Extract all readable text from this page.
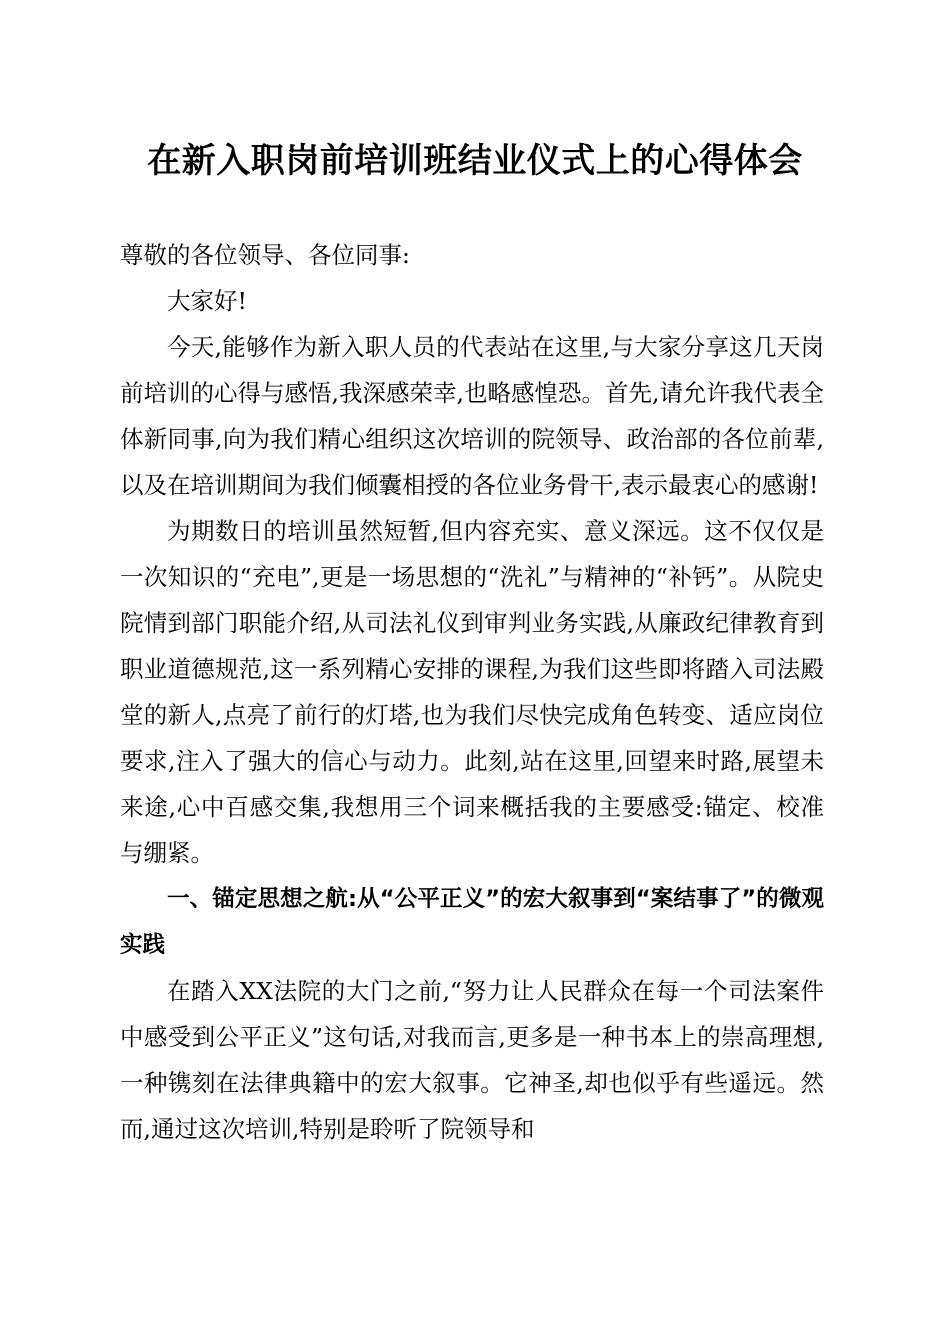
在新入职岗前培训班结业仪式上的心得体会

尊敬的各位领导、各位同事:

大家好!

今天,能够作为新入职人员的代表站在这里,与大家分享这几天岗前培训的心得与感悟,我深感荣幸,也略感惶恐。首先,请允许我代表全体新同事,向为我们精心组织这次培训的院领导、政治部的各位前辈,以及在培训期间为我们倾囊相授的各位业务骨干,表示最衷心的感谢!

为期数日的培训虽然短暂,但内容充实、意义深远。这不仅仅是一次知识的“充电”,更是一场思想的“洗礼”与精神的“补钙”。从院史院情到部门职能介绍,从司法礼仪到审判业务实践,从廉政纪律教育到职业道德规范,这一系列精心安排的课程,为我们这些即将踏入司法殿堂的新人,点亮了前行的灯塔,也为我们尽快完成角色转变、适应岗位要求,注入了强大的信心与动力。此刻,站在这里,回望来时路,展望未来途,心中百感交集,我想用三个词来概括我的主要感受:锚定、校准与绷紧。

一、锚定思想之航:从“公平正义”的宏大叙事到“案结事了”的微观实践

在踏入XX法院的大门之前,“努力让人民群众在每一个司法案件中感受到公平正义”这句话,对我而言,更多是一种书本上的崇高理想,一种镌刻在法律典籍中的宏大叙事。它神圣,却也似乎有些遥远。然而,通过这次培训,特别是聆听了院领导和
